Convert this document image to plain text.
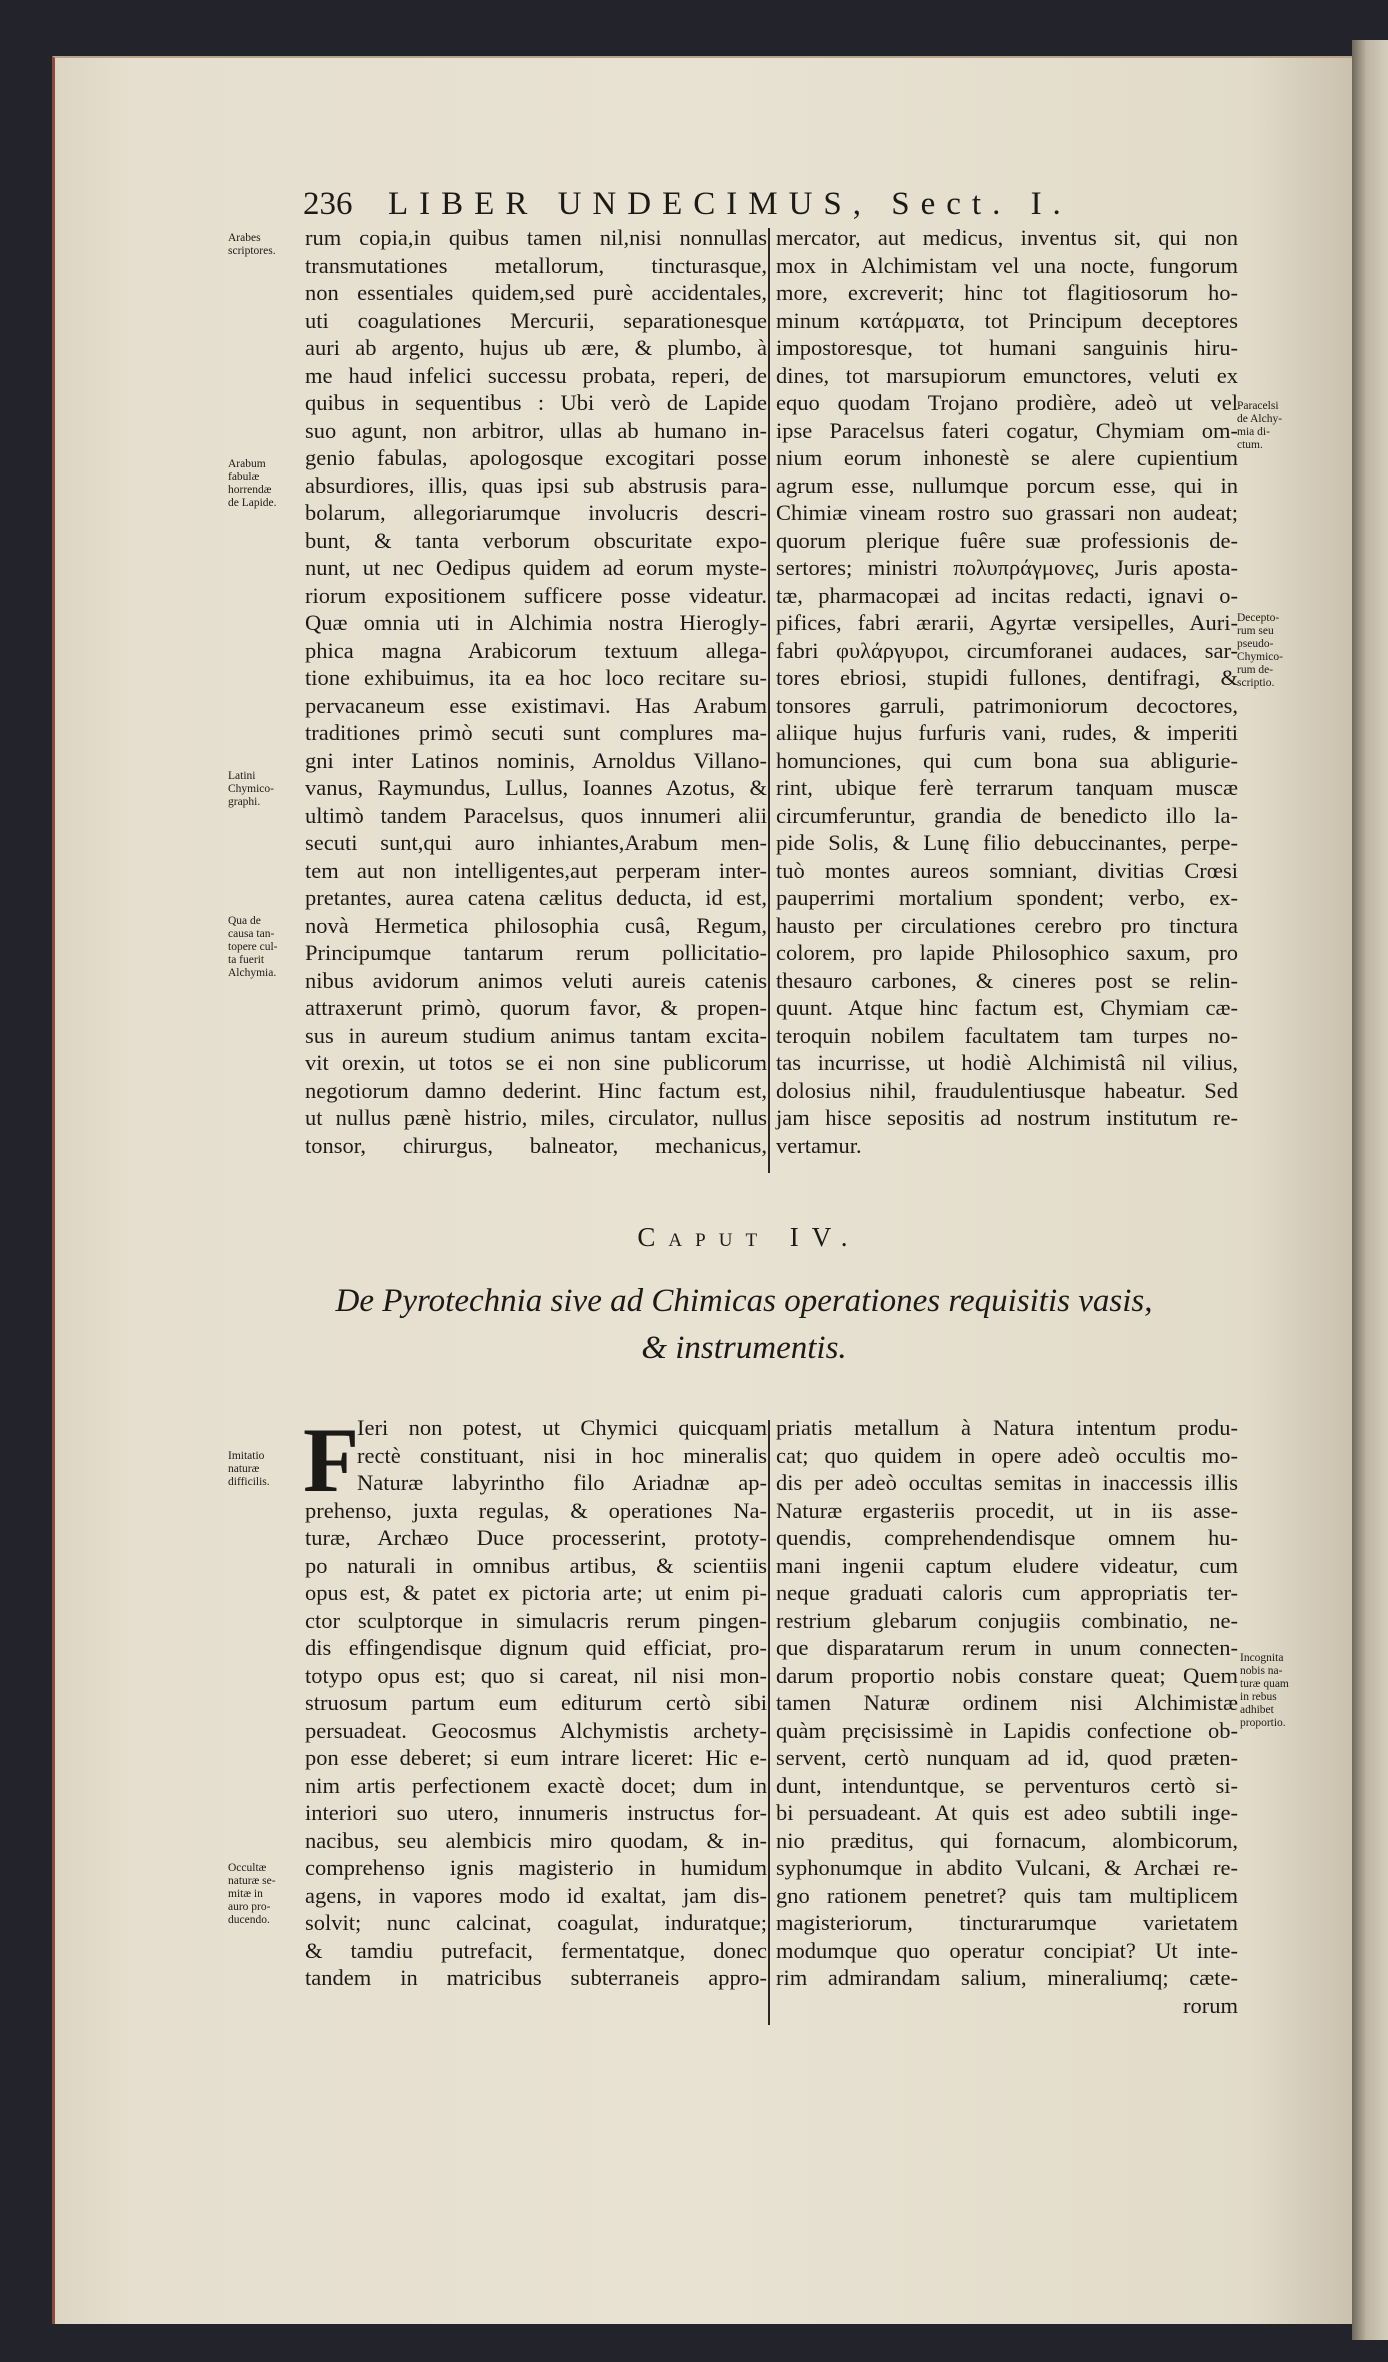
236 LIBER UNDECIMUS, Sect. I.
rum copia,in quibus tamen nil,nisi nonnullas
transmutationes metallorum, tincturasque,
non essentiales quidem,sed purè accidentales,
uti coagulationes Mercurii, separationesque
auri ab argento, hujus ub ære, & plumbo, à
me haud infelici successu probata, reperi, de
quibus in sequentibus : Ubi verò de Lapide
suo agunt, non arbitror, ullas ab humano in-
genio fabulas, apologosque excogitari posse
absurdiores, illis, quas ipsi sub abstrusis para-
bolarum, allegoriarumque involucris descri-
bunt, & tanta verborum obscuritate expo-
nunt, ut nec Oedipus quidem ad eorum myste-
riorum expositionem sufficere posse videatur.
Quæ omnia uti in Alchimia nostra Hierogly-
phica magna Arabicorum textuum allega-
tione exhibuimus, ita ea hoc loco recitare su-
pervacaneum esse existimavi. Has Arabum
traditiones primò secuti sunt complures ma-
gni inter Latinos nominis, Arnoldus Villano-
vanus, Raymundus, Lullus, Ioannes Azotus, &
ultimò tandem Paracelsus, quos innumeri alii
secuti sunt,qui auro inhiantes,Arabum men-
tem aut non intelligentes,aut perperam inter-
pretantes, aurea catena cælitus deducta, id est,
novà Hermetica philosophia cusâ, Regum,
Principumque tantarum rerum pollicitatio-
nibus avidorum animos veluti aureis catenis
attraxerunt primò, quorum favor, & propen-
sus in aureum studium animus tantam excita-
vit orexin, ut totos se ei non sine publicorum
negotiorum damno dederint. Hinc factum est,
ut nullus pænè histrio, miles, circulator, nullus
tonsor, chirurgus, balneator, mechanicus,
mercator, aut medicus, inventus sit, qui non
mox in Alchimistam vel una nocte, fungorum
more, excreverit; hinc tot flagitiosorum ho-
minum κατάρματα, tot Principum deceptores
impostoresque, tot humani sanguinis hiru-
dines, tot marsupiorum emunctores, veluti ex
equo quodam Trojano prodière, adeò ut vel
ipse Paracelsus fateri cogatur, Chymiam om-
nium eorum inhonestè se alere cupientium
agrum esse, nullumque porcum esse, qui in
Chimiæ vineam rostro suo grassari non audeat;
quorum plerique fuêre suæ professionis de-
sertores; ministri πολυπράγμονες, Juris aposta-
tæ, pharmacopæi ad incitas redacti, ignavi o-
pifices, fabri ærarii, Agyrtæ versipelles, Auri-
fabri φυλάργυροι, circumforanei audaces, sar-
tores ebriosi, stupidi fullones, dentifragi, &
tonsores garruli, patrimoniorum decoctores,
aliique hujus furfuris vani, rudes, & imperiti
homunciones, qui cum bona sua abligurie-
rint, ubique ferè terrarum tanquam muscæ
circumferuntur, grandia de benedicto illo la-
pide Solis, & Lunę filio debuccinantes, perpe-
tuò montes aureos somniant, divitias Crœsi
pauperrimi mortalium spondent; verbo, ex-
hausto per circulationes cerebro pro tinctura
colorem, pro lapide Philosophico saxum, pro
thesauro carbones, & cineres post se relin-
quunt. Atque hinc factum est, Chymiam cæ-
teroquin nobilem facultatem tam turpes no-
tas incurrisse, ut hodiè Alchimistâ nil vilius,
dolosius nihil, fraudulentiusque habeatur. Sed
jam hisce sepositis ad nostrum institutum re-
vertamur.
Caput IV.
De Pyrotechnia sive ad Chimicas operationes requisitis vasis,
& instrumentis.
F
Ieri non potest, ut Chymici quicquam
rectè constituant, nisi in hoc mineralis
Naturæ labyrintho filo Ariadnæ ap-
prehenso, juxta regulas, & operationes Na-
turæ, Archæo Duce processerint, prototy-
po naturali in omnibus artibus, & scientiis
opus est, & patet ex pictoria arte; ut enim pi-
ctor sculptorque in simulacris rerum pingen-
dis effingendisque dignum quid efficiat, pro-
totypo opus est; quo si careat, nil nisi mon-
struosum partum eum editurum certò sibi
persuadeat. Geocosmus Alchymistis archety-
pon esse deberet; si eum intrare liceret: Hic e-
nim artis perfectionem exactè docet; dum in
interiori suo utero, innumeris instructus for-
nacibus, seu alembicis miro quodam, & in-
comprehenso ignis magisterio in humidum
agens, in vapores modo id exaltat, jam dis-
solvit; nunc calcinat, coagulat, induratque;
& tamdiu putrefacit, fermentatque, donec
tandem in matricibus subterraneis appro-
priatis metallum à Natura intentum produ-
cat; quo quidem in opere adeò occultis mo-
dis per adeò occultas semitas in inaccessis illis
Naturæ ergasteriis procedit, ut in iis asse-
quendis, comprehendendisque omnem hu-
mani ingenii captum eludere videatur, cum
neque graduati caloris cum appropriatis ter-
restrium glebarum conjugiis combinatio, ne-
que disparatarum rerum in unum connecten-
darum proportio nobis constare queat; Quem
tamen Naturæ ordinem nisi Alchimistæ
quàm pręcisissimè in Lapidis confectione ob-
servent, certò nunquam ad id, quod præten-
dunt, intenduntque, se perventuros certò si-
bi persuadeant. At quis est adeo subtili inge-
nio præditus, qui fornacum, alombicorum,
syphonumque in abdito Vulcani, & Archæi re-
gno rationem penetret? quis tam multiplicem
magisteriorum, tincturarumque varietatem
modumque quo operatur concipiat? Ut inte-
rim admirandam salium, mineraliumq; cæte-
rorum
Arabes
scriptores.
Arabum
fabulæ
horrendæ
de Lapide.
Latini
Chymico-
graphi.
Qua de
causa tan-
topere cul-
ta fuerit
Alchymia.
Paracelsi
de Alchy-
mia di-
ctum.
Decepto-
rum seu
pseudo-
Chymico-
rum de-
scriptio.
Imitatio
naturæ
difficilis.
Occultæ
naturæ se-
mitæ in
auro pro-
ducendo.
Incognita
nobis na-
turæ quam
in rebus
adhibet
proportio.
